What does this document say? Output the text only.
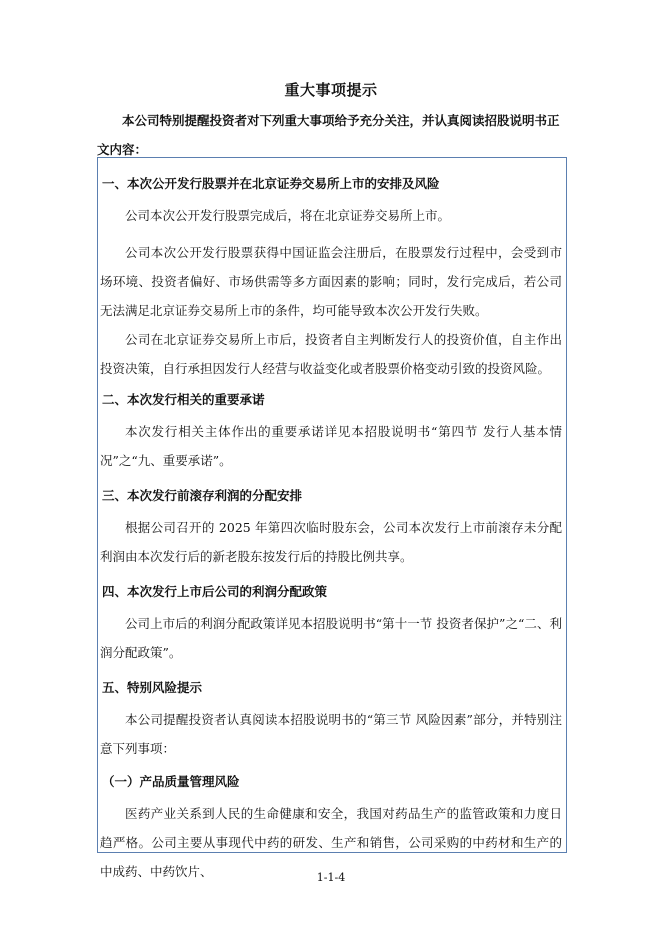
重大事项提示
本公司特别提醒投资者对下列重大事项给予充分关注，并认真阅读招股说明书正文内容：
一、本次公开发行股票并在北京证券交易所上市的安排及风险
公司本次公开发行股票完成后，将在北京证券交易所上市。
公司本次公开发行股票获得中国证监会注册后，在股票发行过程中，会受到市场环境、投资者偏好、市场供需等多方面因素的影响；同时，发行完成后，若公司无法满足北京证券交易所上市的条件，均可能导致本次公开发行失败。
公司在北京证券交易所上市后，投资者自主判断发行人的投资价值，自主作出投资决策，自行承担因发行人经营与收益变化或者股票价格变动引致的投资风险。
二、本次发行相关的重要承诺
本次发行相关主体作出的重要承诺详见本招股说明书“第四节 发行人基本情况”之“九、重要承诺”。
三、本次发行前滚存利润的分配安排
根据公司召开的 2025 年第四次临时股东会，公司本次发行上市前滚存未分配利润由本次发行后的新老股东按发行后的持股比例共享。
四、本次发行上市后公司的利润分配政策
公司上市后的利润分配政策详见本招股说明书“第十一节 投资者保护”之“二、利润分配政策”。
五、特别风险提示
本公司提醒投资者认真阅读本招股说明书的“第三节 风险因素”部分，并特别注意下列事项：
（一）产品质量管理风险
医药产业关系到人民的生命健康和安全，我国对药品生产的监管政策和力度日趋严格。公司主要从事现代中药的研发、生产和销售，公司采购的中药材和生产的中成药、中药饮片、	1-1-4
